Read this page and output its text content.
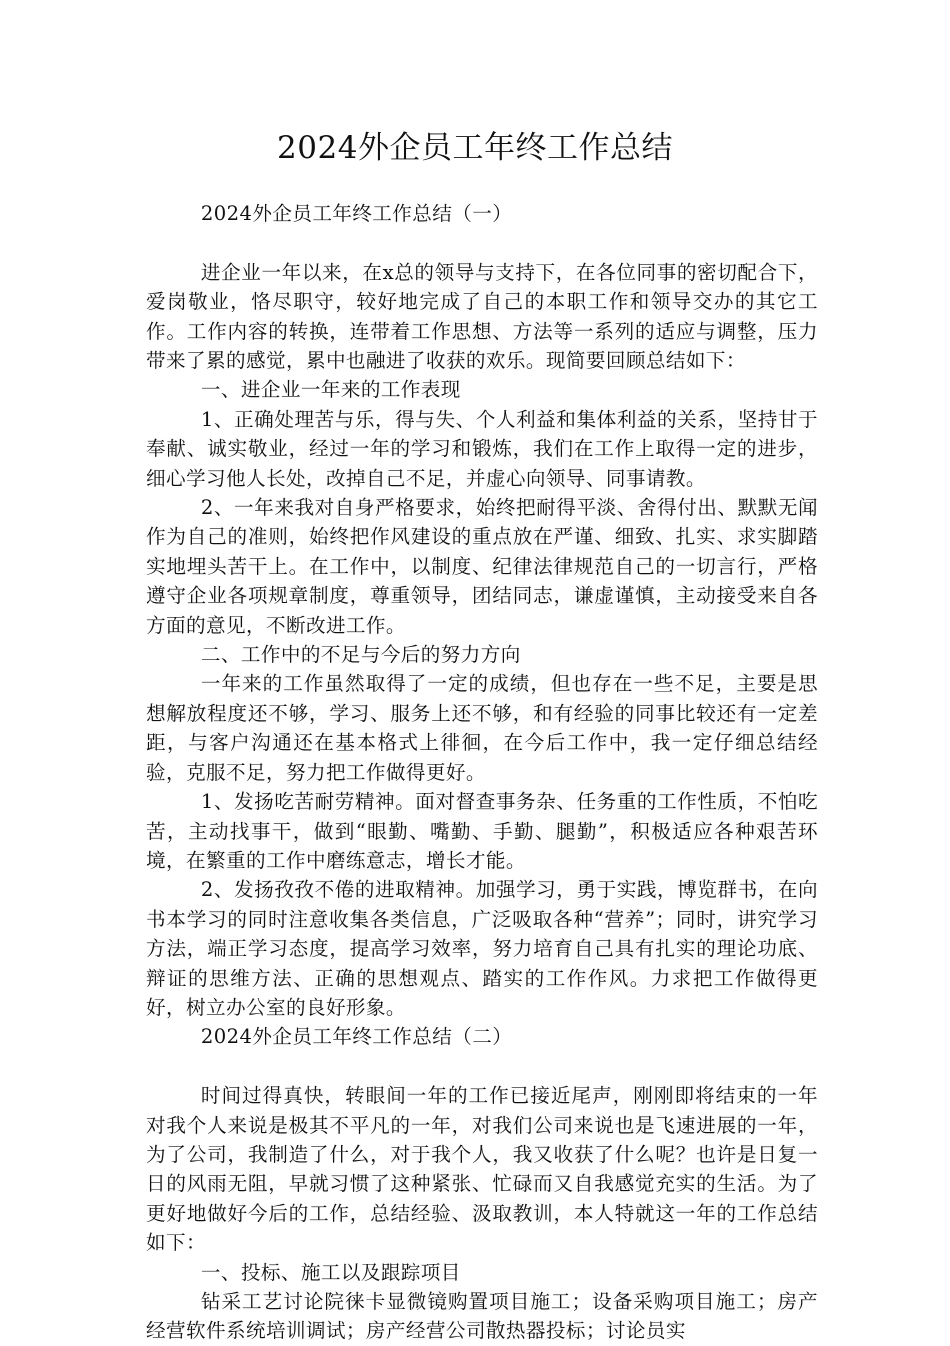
2024外企员工年终工作总结

2024外企员工年终工作总结（一）

进企业一年以来，在x总的领导与支持下，在各位同事的密切配合下，爱岗敬业，恪尽职守，较好地完成了自己的本职工作和领导交办的其它工作。工作内容的转换，连带着工作思想、方法等一系列的适应与调整，压力带来了累的感觉，累中也融进了收获的欢乐。现简要回顾总结如下：

一、进企业一年来的工作表现

1、正确处理苦与乐，得与失、个人利益和集体利益的关系，坚持甘于奉献、诚实敬业，经过一年的学习和锻炼，我们在工作上取得一定的进步，细心学习他人长处，改掉自己不足，并虚心向领导、同事请教。

2、一年来我对自身严格要求，始终把耐得平淡、舍得付出、默默无闻作为自己的准则，始终把作风建设的重点放在严谨、细致、扎实、求实脚踏实地埋头苦干上。在工作中，以制度、纪律法律规范自己的一切言行，严格遵守企业各项规章制度，尊重领导，团结同志，谦虚谨慎，主动接受来自各方面的意见，不断改进工作。

二、工作中的不足与今后的努力方向

一年来的工作虽然取得了一定的成绩，但也存在一些不足，主要是思想解放程度还不够，学习、服务上还不够，和有经验的同事比较还有一定差距，与客户沟通还在基本格式上徘徊，在今后工作中，我一定仔细总结经验，克服不足，努力把工作做得更好。

1、发扬吃苦耐劳精神。面对督查事务杂、任务重的工作性质，不怕吃苦，主动找事干，做到“眼勤、嘴勤、手勤、腿勤”，积极适应各种艰苦环境，在繁重的工作中磨练意志，增长才能。

2、发扬孜孜不倦的进取精神。加强学习，勇于实践，博览群书，在向书本学习的同时注意收集各类信息，广泛吸取各种“营养”；同时，讲究学习方法，端正学习态度，提高学习效率，努力培育自己具有扎实的理论功底、辩证的思维方法、正确的思想观点、踏实的工作作风。力求把工作做得更好，树立办公室的良好形象。

2024外企员工年终工作总结（二）

时间过得真快，转眼间一年的工作已接近尾声，刚刚即将结束的一年对我个人来说是极其不平凡的一年，对我们公司来说也是飞速进展的一年，为了公司，我制造了什么，对于我个人，我又收获了什么呢？也许是日复一日的风雨无阻，早就习惯了这种紧张、忙碌而又自我感觉充实的生活。为了更好地做好今后的工作，总结经验、汲取教训，本人特就这一年的工作总结如下：

一、投标、施工以及跟踪项目

钻采工艺讨论院徕卡显微镜购置项目施工；设备采购项目施工；房产经营软件系统培训调试；房产经营公司散热器投标；讨论员实
